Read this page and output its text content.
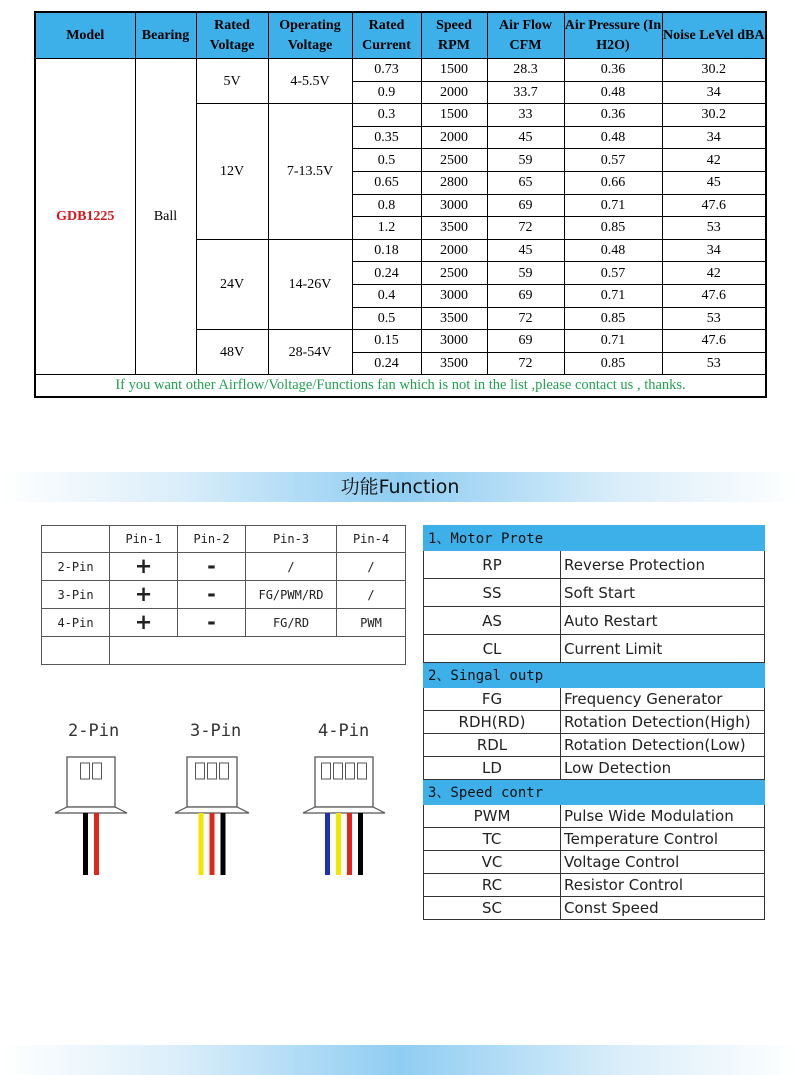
Model	Bearing	Rated Voltage	Operating Voltage	Rated Current	Speed RPM	Air Flow CFM	Air Pressure (In H2O)	Noise LeVel dBA
GDB1225	Ball	5V	4-5.5V	0.73	1500	28.3	0.36	30.2
				0.9	2000	33.7	0.48	34
		12V	7-13.5V	0.3	1500	33	0.36	30.2
				0.35	2000	45	0.48	34
				0.5	2500	59	0.57	42
				0.65	2800	65	0.66	45
				0.8	3000	69	0.71	47.6
				1.2	3500	72	0.85	53
		24V	14-26V	0.18	2000	45	0.48	34
				0.24	2500	59	0.57	42
				0.4	3000	69	0.71	47.6
				0.5	3500	72	0.85	53
		48V	28-54V	0.15	3000	69	0.71	47.6
				0.24	3500	72	0.85	53
If you want other Airflow/Voltage/Functions fan which is not in the list ,please contact us , thanks.								
功能Function
	Pin-1	Pin-2	Pin-3	Pin-4
2-Pin	+	-	/	/
3-Pin	+	-	FG/PWM/RD	/
4-Pin	+	-	FG/RD	PWM

2-Pin	3-Pin	4-Pin
1、Motor Prote	
RP	Reverse Protection
SS	Soft Start
AS	Auto Restart
CL	Current Limit
2、Singal outp	
FG	Frequency Generator
RDH(RD)	Rotation Detection(High)
RDL	Rotation Detection(Low)
LD	Low Detection
3、Speed contr	
PWM	Pulse Wide Modulation
TC	Temperature Control
VC	Voltage Control
RC	Resistor Control
SC	Const Speed
